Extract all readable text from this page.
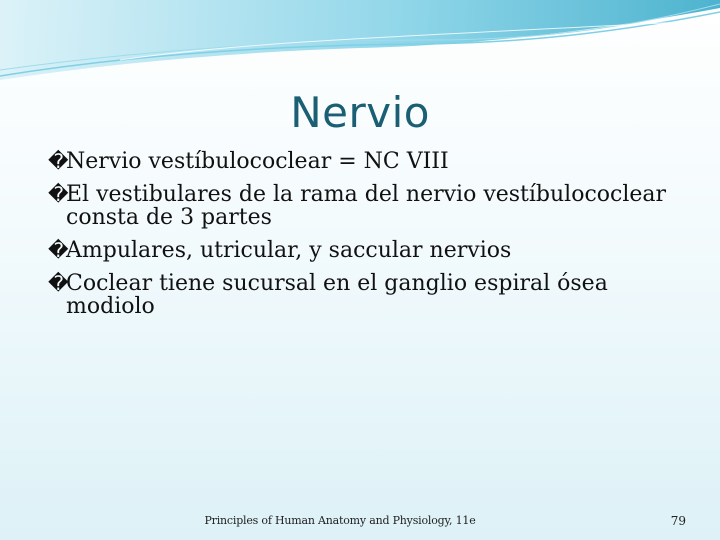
Nervio
�
Nervio vestíbulococlear = NC VIII
�
El vestibulares de la rama del nervio vestíbulococlear consta de 3 partes
�
Ampulares, utricular, y saccular nervios
�
Coclear tiene sucursal en el ganglio espiral ósea modiolo
Principles of Human Anatomy and Physiology, 11e	79
